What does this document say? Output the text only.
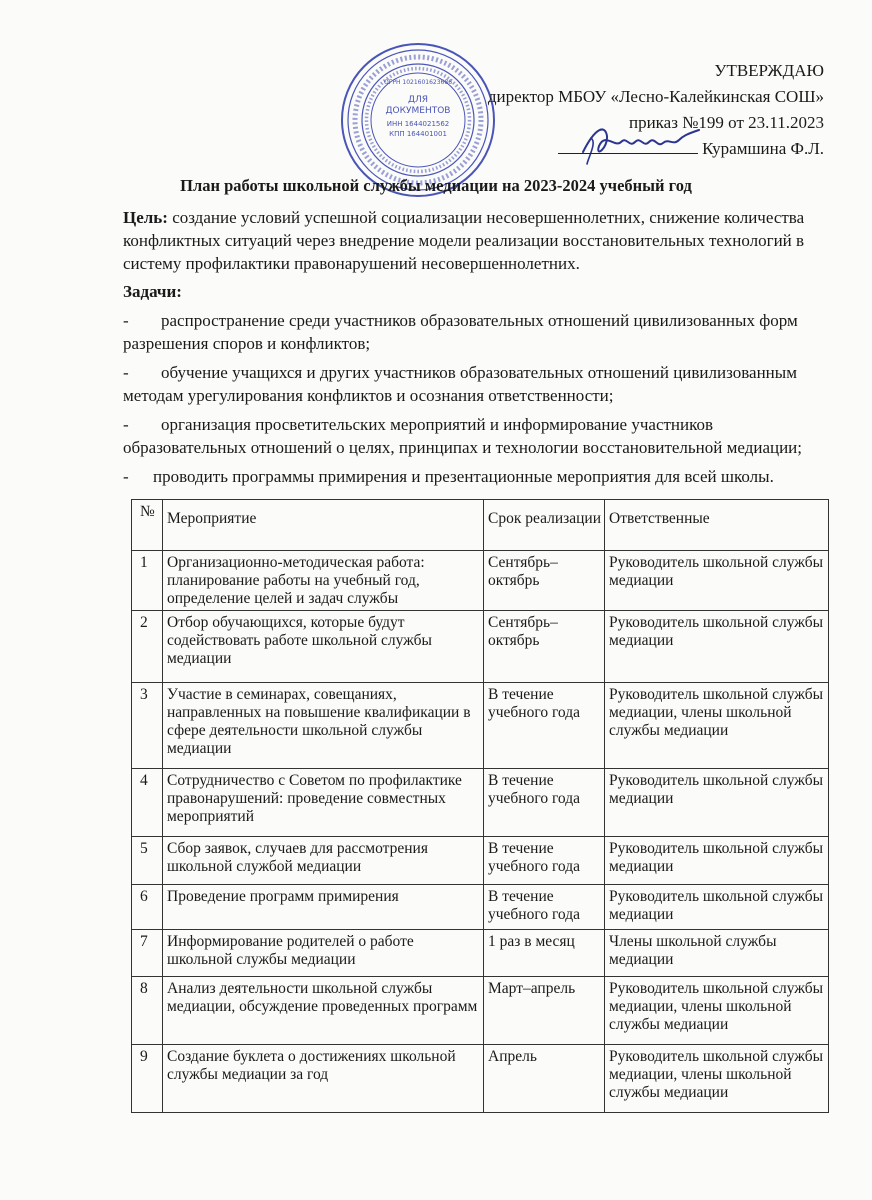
ДЛЯ
ДОКУМЕНТОВ
ИНН 1644021562
КПП 164401001
ОГРН 1021601623686
УТВЕРЖДАЮ
директор МБОУ «Лесно-Калейкинская СОШ»
приказ №199 от 23.11.2023
Курамшина Ф.Л.
План работы школьной службы медиации на 2023-2024 учебный год

Цель: создание условий успешной социализации несовершеннолетних, снижение количества конфликтных ситуаций через внедрение модели реализации восстановительных технологий в систему профилактики правонарушений несовершеннолетних.

Задачи:

- распространение среди участников образовательных отношений цивилизованных форм разрешения споров и конфликтов;

- обучение учащихся и других участников образовательных отношений цивилизованным методам урегулирования конфликтов и осознания ответственности;

- организация просветительских мероприятий и информирование участников образовательных отношений о целях, принципах и технологии восстановительной медиации;

- проводить программы примирения и презентационные мероприятия для всей школы.

№	Мероприятие	Срок реализации	Ответственные
1	Организационно-методическая работа: планирование работы на учебный год, определение целей и задач службы	Сентябрь– октябрь	Руководитель школьной службы медиации
2	Отбор обучающихся, которые будут содействовать работе школьной службы медиации	Сентябрь– октябрь	Руководитель школьной службы медиации
3	Участие в семинарах, совещаниях, направленных на повышение квалификации в сфере деятельности школьной службы медиации	В течение учебного года	Руководитель школьной службы медиации, члены школьной службы медиации
4	Сотрудничество с Советом по профилактике правонарушений: проведение совместных мероприятий	В течение учебного года	Руководитель школьной службы медиации
5	Сбор заявок, случаев для рассмотрения школьной службой медиации	В течение учебного года	Руководитель школьной службы медиации
6	Проведение программ примирения	В течение учебного года	Руководитель школьной службы медиации
7	Информирование родителей о работе школьной службы медиации	1 раз в месяц	Члены школьной службы медиации
8	Анализ деятельности школьной службы медиации, обсуждение проведенных программ	Март–апрель	Руководитель школьной службы медиации, члены школьной службы медиации
9	Создание буклета о достижениях школьной службы медиации за год	Апрель	Руководитель школьной службы медиации, члены школьной службы медиации
